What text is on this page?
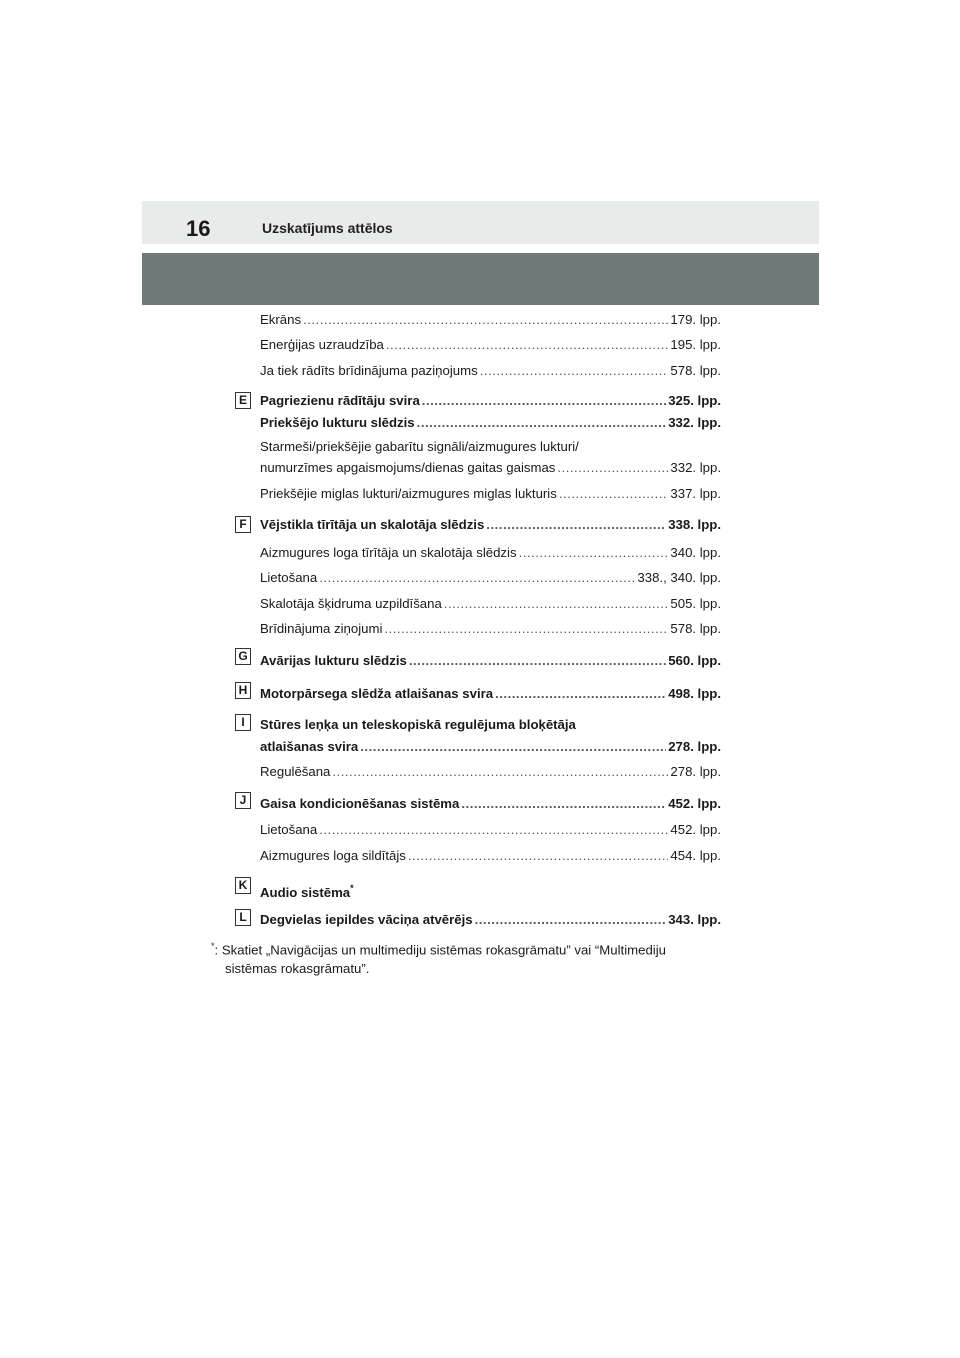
16	Uzskatījums attēlos
Ekrāns .....	179. lpp.
Enerģijas uzraudzība .....	195. lpp.
Ja tiek rādīts brīdinājuma paziņojums .....	578. lpp.
Pagriezienu rādītāju svira .....	325. lpp.
Priekšējo lukturu slēdzis .....	332. lpp.
Starmeši/priekšējie gabarītu signāli/aizmugures lukturi/
numurzīmes apgaismojums/dienas gaitas gaismas .....	332. lpp.
Priekšējie miglas lukturi/aizmugures miglas lukturis .....	337. lpp.
Vējstikla tīrītāja un skalotāja slēdzis .....	338. lpp.
Aizmugures loga tīrītāja un skalotāja slēdzis .....	340. lpp.
Lietošana .....	338., 340. lpp.
Skalotāja šķidruma uzpildīšana .....	505. lpp.
Brīdinājuma ziņojumi .....	578. lpp.
Avārijas lukturu slēdzis .....	560. lpp.
Motorpārsega slēdža atlaišanas svira .....	498. lpp.
Stūres leņķa un teleskopiskā regulējuma bloķētāja
atlaišanas svira .....	278. lpp.
Regulēšana .....	278. lpp.
Gaisa kondicionēšanas sistēma .....	452. lpp.
Lietošana .....	452. lpp.
Aizmugures loga sildītājs .....	454. lpp.
Audio sistēma*
Degvielas iepildes vāciņa atvērējs .....	343. lpp.
E
F
G
H
I
J
K
L
*: Skatiet „Navigācijas un multimediju sistēmas rokasgrāmatu” vai “Multimediju
sistēmas rokasgrāmatu”.
